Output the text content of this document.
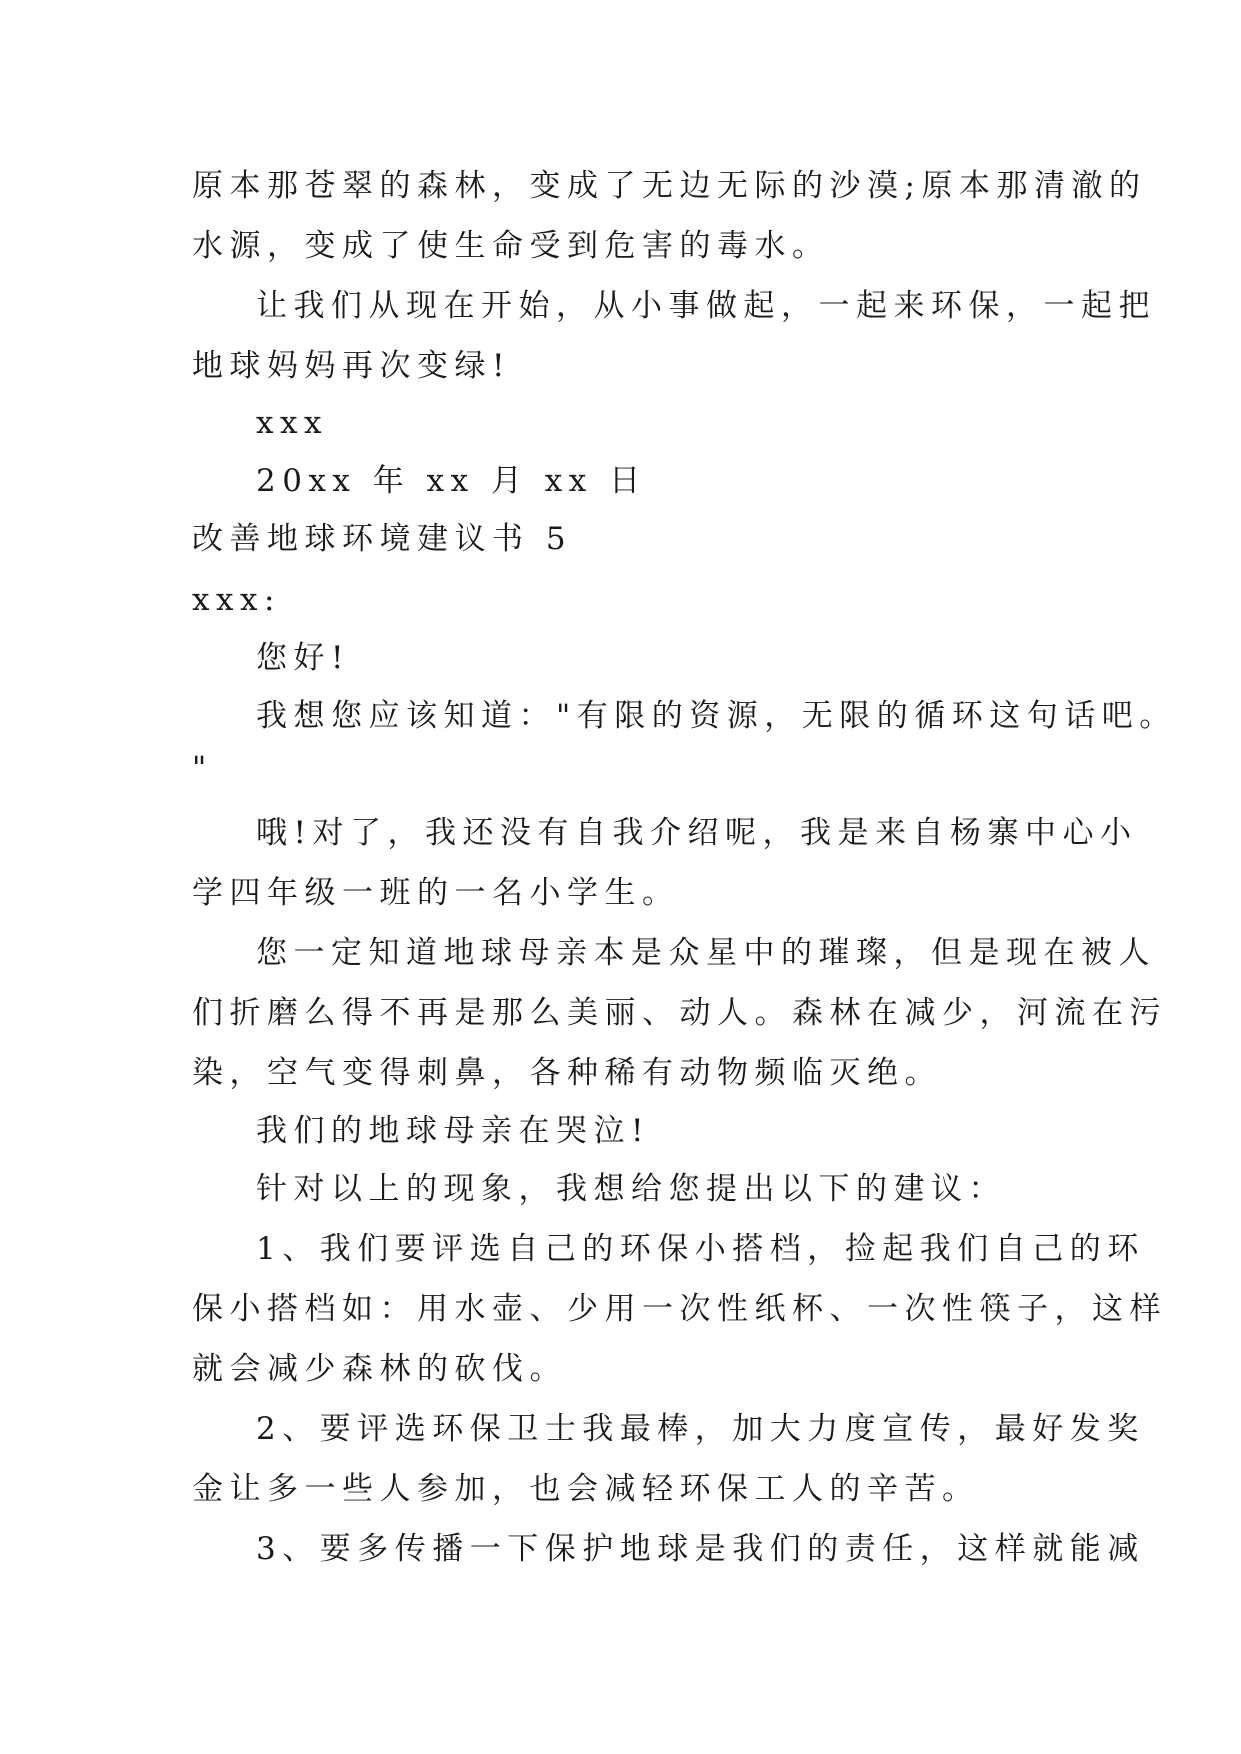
原本那苍翠的森林，变成了无边无际的沙漠;原本那清澈的
水源，变成了使生命受到危害的毒水。
让我们从现在开始，从小事做起，一起来环保，一起把
地球妈妈再次变绿!
xxx
20xx 年 xx 月 xx 日
改善地球环境建议书 5
xxx:
您好!
我想您应该知道："有限的资源，无限的循环这句话吧。
"
哦!对了，我还没有自我介绍呢，我是来自杨寨中心小
学四年级一班的一名小学生。
您一定知道地球母亲本是众星中的璀璨，但是现在被人
们折磨么得不再是那么美丽、动人。森林在减少，河流在污
染，空气变得刺鼻，各种稀有动物频临灭绝。
我们的地球母亲在哭泣!
针对以上的现象，我想给您提出以下的建议：
1、我们要评选自己的环保小搭档，捡起我们自己的环
保小搭档如：用水壶、少用一次性纸杯、一次性筷子，这样
就会减少森林的砍伐。
2、要评选环保卫士我最棒，加大力度宣传，最好发奖
金让多一些人参加，也会减轻环保工人的辛苦。
3、要多传播一下保护地球是我们的责任，这样就能减
